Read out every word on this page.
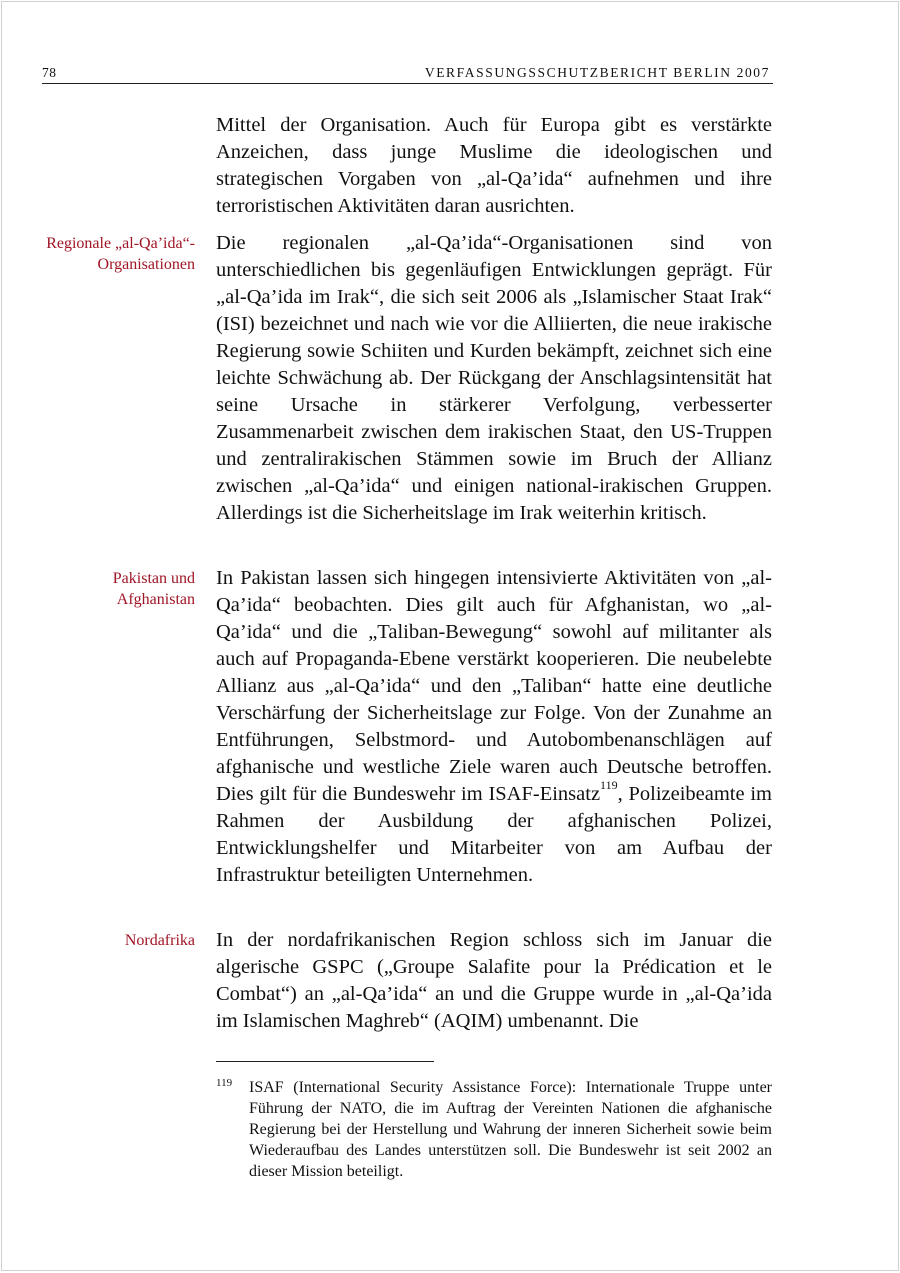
78	VERFASSUNGSSCHUTZBERICHT BERLIN 2007

Mittel der Organisation. Auch für Europa gibt es verstärkte Anzeichen, dass junge Muslime die ideologischen und strategischen Vorgaben von „al-Qa’ida“ aufnehmen und ihre terroristischen Aktivitäten daran ausrichten.

Regionale „al-Qa’ida“-Organisationen

Die regionalen „al-Qa’ida“-Organisationen sind von unterschiedlichen bis gegenläufigen Entwicklungen geprägt. Für „al-Qa’ida im Irak“, die sich seit 2006 als „Islamischer Staat Irak“ (ISI) bezeichnet und nach wie vor die Alliierten, die neue irakische Regierung sowie Schiiten und Kurden bekämpft, zeichnet sich eine leichte Schwächung ab. Der Rückgang der Anschlagsintensität hat seine Ursache in stärkerer Verfolgung, verbesserter Zusammenarbeit zwischen dem irakischen Staat, den US-Truppen und zentralirakischen Stämmen sowie im Bruch der Allianz zwischen „al-Qa’ida“ und einigen national-irakischen Gruppen. Allerdings ist die Sicherheitslage im Irak weiterhin kritisch.

Pakistan und Afghanistan

In Pakistan lassen sich hingegen intensivierte Aktivitäten von „al-Qa’ida“ beobachten. Dies gilt auch für Afghanistan, wo „al-Qa’ida“ und die „Taliban-Bewegung“ sowohl auf militanter als auch auf Propaganda-Ebene verstärkt kooperieren. Die neubelebte Allianz aus „al-Qa’ida“ und den „Taliban“ hatte eine deutliche Verschärfung der Sicherheitslage zur Folge. Von der Zunahme an Entführungen, Selbstmord- und Autobombenanschlägen auf afghanische und westliche Ziele waren auch Deutsche betroffen. Dies gilt für die Bundeswehr im ISAF-Einsatz$^{119}$, Polizeibeamte im Rahmen der Ausbildung der afghanischen Polizei, Entwicklungshelfer und Mitarbeiter von am Aufbau der Infrastruktur beteiligten Unternehmen.

Nordafrika In der nordafrikanischen Region schloss sich im Januar die algerische GSPC („Groupe Salafite pour la Prédication et le Combat“) an „al-Qa’ida“ an und die Gruppe wurde in „al-Qa’ida im Islamischen Maghreb“ (AQIM) umbenannt. Die

119 ISAF (International Security Assistance Force): Internationale Truppe unter Führung der NATO, die im Auftrag der Vereinten Nationen die afghanische Regierung bei der Herstellung und Wahrung der inneren Sicherheit sowie beim Wiederaufbau des Landes unterstützen soll. Die Bundeswehr ist seit 2002 an dieser Mission beteiligt.
